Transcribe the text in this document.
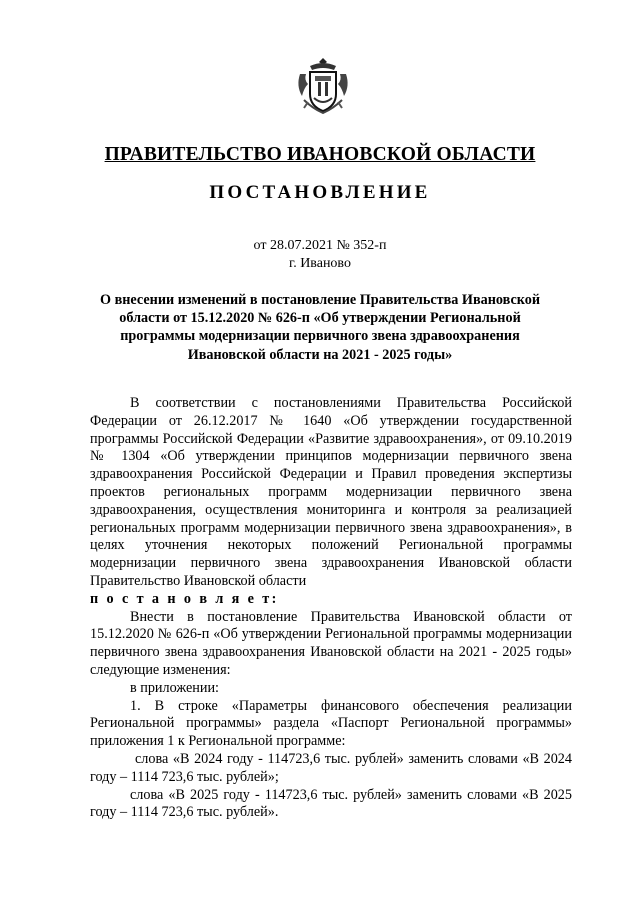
ПРАВИТЕЛЬСТВО ИВАНОВСКОЙ ОБЛАСТИ
ПОСТАНОВЛЕНИЕ
от 28.07.2021 № 352-п
г. Иваново
О внесении изменений в постановление Правительства Ивановской области от 15.12.2020 № 626-п «Об утверждении Региональной программы модернизации первичного звена здравоохранения Ивановской области на 2021 - 2025 годы»

В соответствии с постановлениями Правительства Российской Федерации от 26.12.2017 № 1640 «Об утверждении государственной программы Российской Федерации «Развитие здравоохранения», от 09.10.2019 № 1304 «Об утверждении принципов модернизации первичного звена здравоохранения Российской Федерации и Правил проведения экспертизы проектов региональных программ модернизации первичного звена здравоохранения, осуществления мониторинга и контроля за реализацией региональных программ модернизации первичного звена здравоохранения», в целях уточнения некоторых положений Региональной программы модернизации первичного звена здравоохранения Ивановской области Правительство Ивановской области

п о с т а н о в л я е т:

Внести в постановление Правительства Ивановской области от 15.12.2020 № 626-п «Об утверждении Региональной программы модернизации первичного звена здравоохранения Ивановской области на 2021 - 2025 годы» следующие изменения:

в приложении:

1. В строке «Параметры финансового обеспечения реализации Региональной программы» раздела «Паспорт Региональной программы» приложения 1 к Региональной программе:

слова «В 2024 году - 114723,6 тыс. рублей» заменить словами «В 2024 году – 1114 723,6 тыс. рублей»;

слова «В 2025 году - 114723,6 тыс. рублей» заменить словами «В 2025 году – 1114 723,6 тыс. рублей».
